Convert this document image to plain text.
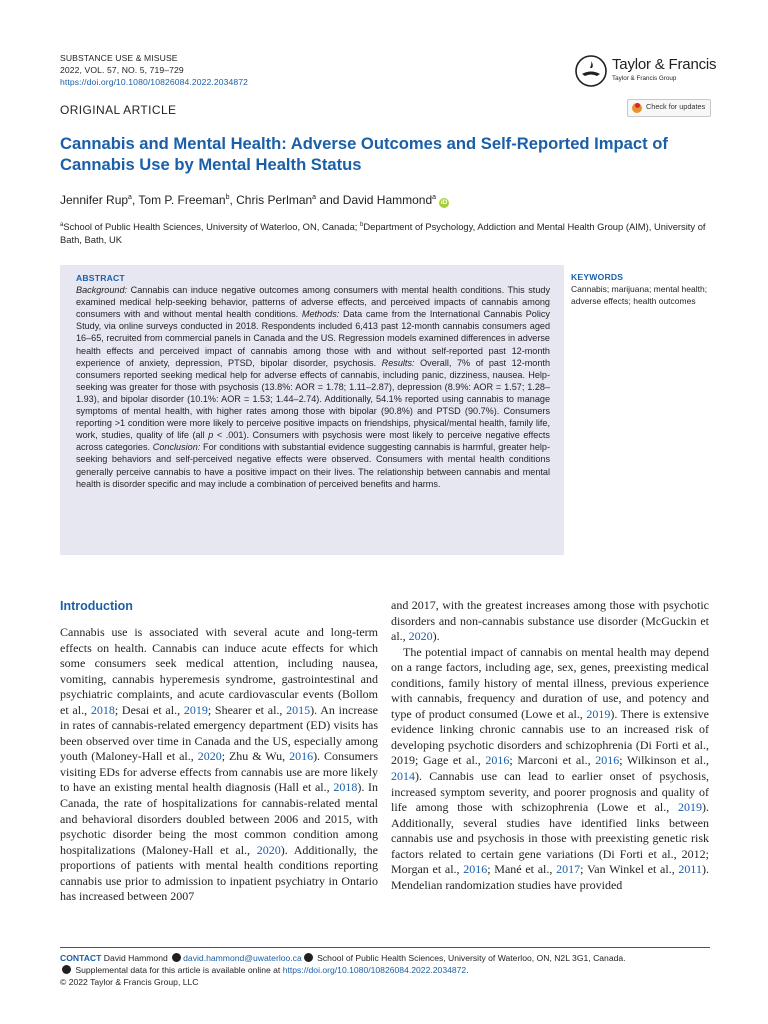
SUBSTANCE USE & MISUSE
2022, VOL. 57, NO. 5, 719–729
https://doi.org/10.1080/10826084.2022.2034872
Taylor & Francis
Taylor & Francis Group
ORIGINAL ARTICLE	Check for updates
Cannabis and Mental Health: Adverse Outcomes and Self-Reported Impact of Cannabis Use by Mental Health Status
Jennifer Rup$^a$, Tom P. Freeman$^b$, Chris Perlman$^a$ and David Hammond$^a$iD
$^a$School of Public Health Sciences, University of Waterloo, ON, Canada; $^b$Department of Psychology, Addiction and Mental Health Group (AIM), University of Bath, Bath, UK
ABSTRACT
Background: Cannabis can induce negative outcomes among consumers with mental health conditions. This study examined medical help-seeking behavior, patterns of adverse effects, and perceived impacts of cannabis among consumers with and without mental health conditions. Methods: Data came from the International Cannabis Policy Study, via online surveys conducted in 2018. Respondents included 6,413 past 12-month cannabis consumers aged 16–65, recruited from commercial panels in Canada and the US. Regression models examined differences in adverse health effects and perceived impact of cannabis among those with and without self-reported past 12-month experience of anxiety, depression, PTSD, bipolar disorder, psychosis. Results: Overall, 7% of past 12-month consumers reported seeking medical help for adverse effects of cannabis, including panic, dizziness, nausea. Help-seeking was greater for those with psychosis (13.8%: AOR = 1.78; 1.11–2.87), depression (8.9%: AOR = 1.57; 1.28–1.93), and bipolar disorder (10.1%: AOR = 1.53; 1.44–2.74). Additionally, 54.1% reported using cannabis to manage symptoms of mental health, with higher rates among those with bipolar (90.8%) and PTSD (90.7%). Consumers reporting >1 condition were more likely to perceive positive impacts on friendships, physical/mental health, family life, work, studies, quality of life (all p < .001). Consumers with psychosis were most likely to perceive negative effects across categories. Conclusion: For conditions with substantial evidence suggesting cannabis is harmful, greater help-seeking behaviors and self-perceived negative effects were observed. Consumers with mental health conditions generally perceive cannabis to have a positive impact on their lives. The relationship between cannabis and mental health is disorder specific and may include a combination of perceived benefits and harms.
KEYWORDS
Cannabis; marijuana; mental health; adverse effects; health outcomes
Introduction

Cannabis use is associated with several acute and long-term effects on health. Cannabis can induce acute effects for which some consumers seek medical attention, including nausea, vomiting, cannabis hyperemesis syndrome, gastrointestinal and psychiatric complaints, and acute cardiovascular events (Bollom et al., 2018; Desai et al., 2019; Shearer et al., 2015). An increase in rates of cannabis-related emergency department (ED) visits has been observed over time in Canada and the US, especially among youth (Maloney-Hall et al., 2020; Zhu & Wu, 2016). Consumers visiting EDs for adverse effects from cannabis use are more likely to have an existing mental health diagnosis (Hall et al., 2018). In Canada, the rate of hospitalizations for cannabis-related mental and behavioral disorders doubled between 2006 and 2015, with psychotic disorder being the most common condition among hospitalizations (Maloney-Hall et al., 2020). Additionally, the proportions of patients with mental health conditions reporting cannabis use prior to admission to inpatient psychiatry in Ontario has increased between 2007

and 2017, with the greatest increases among those with psychotic disorders and non-cannabis substance use disorder (McGuckin et al., 2020).

The potential impact of cannabis on mental health may depend on a range factors, including age, sex, genes, preexisting medical conditions, family history of mental illness, previous experience with cannabis, frequency and duration of use, and potency and type of product consumed (Lowe et al., 2019). There is extensive evidence linking chronic cannabis use to an increased risk of developing psychotic disorders and schizophrenia (Di Forti et al., 2019; Gage et al., 2016; Marconi et al., 2016; Wilkinson et al., 2014). Cannabis use can lead to earlier onset of psychosis, increased symptom severity, and poorer prognosis and quality of life among those with schizophrenia (Lowe et al., 2019). Additionally, several studies have identified links between cannabis use and psychosis in those with preexisting genetic risk factors related to certain gene variations (Di Forti et al., 2012; Morgan et al., 2016; Mané et al., 2017; Van Winkel et al., 2011). Mendelian randomization studies have provided

CONTACT David Hammond david.hammond@uwaterloo.ca School of Public Health Sciences, University of Waterloo, ON, N2L 3G1, Canada.
Supplemental data for this article is available online at https://doi.org/10.1080/10826084.2022.2034872.
© 2022 Taylor & Francis Group, LLC
